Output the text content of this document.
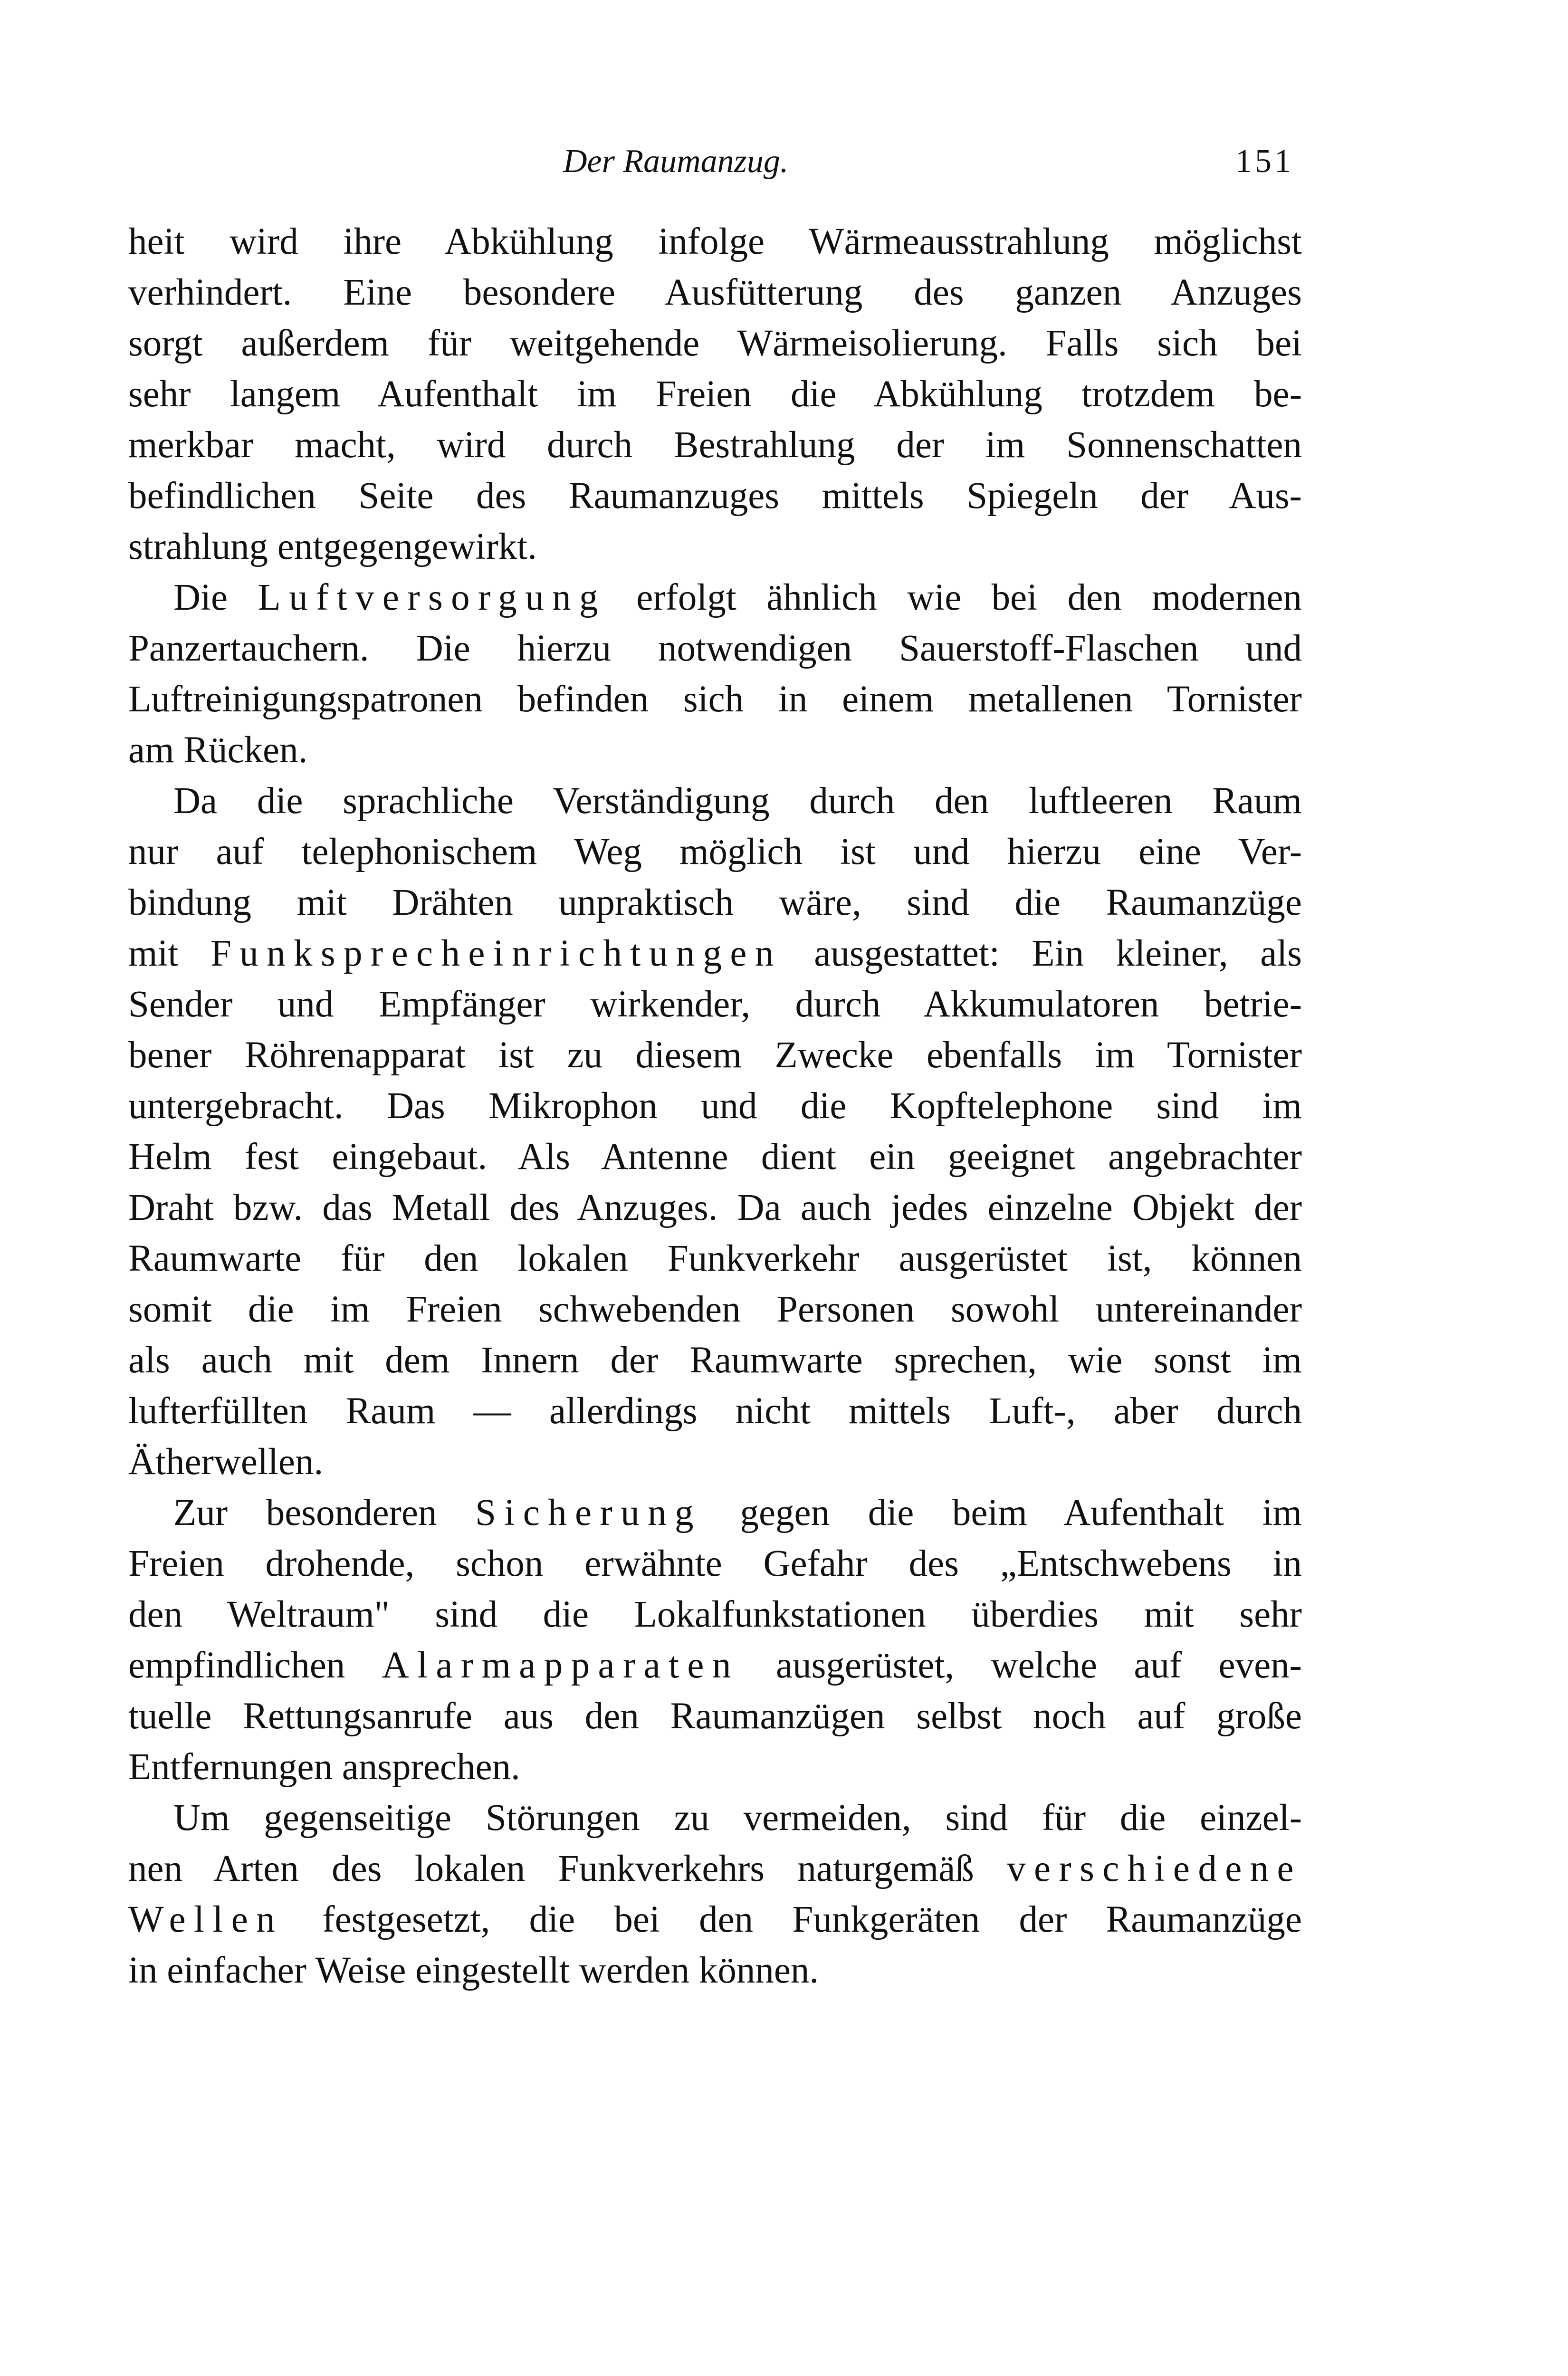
Der Raumanzug.	151
heit wird ihre Abkühlung infolge Wärmeausstrahlung möglichst
verhindert. Eine besondere Ausfütterung des ganzen Anzuges
sorgt außerdem für weitgehende Wärmeisolierung. Falls sich bei
sehr langem Aufenthalt im Freien die Abkühlung trotzdem be-
merkbar macht, wird durch Bestrahlung der im Sonnenschatten
befindlichen Seite des Raumanzuges mittels Spiegeln der Aus-
strahlung entgegengewirkt.
Die Luftversorgung erfolgt ähnlich wie bei den modernen
Panzertauchern. Die hierzu notwendigen Sauerstoff-Flaschen und
Luftreinigungspatronen befinden sich in einem metallenen Tornister
am Rücken.
Da die sprachliche Verständigung durch den luftleeren Raum
nur auf telephonischem Weg möglich ist und hierzu eine Ver-
bindung mit Drähten unpraktisch wäre, sind die Raumanzüge
mit Funksprecheinrichtungen ausgestattet: Ein kleiner, als
Sender und Empfänger wirkender, durch Akkumulatoren betrie-
bener Röhrenapparat ist zu diesem Zwecke ebenfalls im Tornister
untergebracht. Das Mikrophon und die Kopftelephone sind im
Helm fest eingebaut. Als Antenne dient ein geeignet angebrachter
Draht bzw. das Metall des Anzuges. Da auch jedes einzelne Objekt der
Raumwarte für den lokalen Funkverkehr ausgerüstet ist, können
somit die im Freien schwebenden Personen sowohl untereinander
als auch mit dem Innern der Raumwarte sprechen, wie sonst im
lufterfüllten Raum — allerdings nicht mittels Luft-, aber durch
Ätherwellen.
Zur besonderen Sicherung gegen die beim Aufenthalt im
Freien drohende, schon erwähnte Gefahr des „Entschwebens in
den Weltraum" sind die Lokalfunkstationen überdies mit sehr
empfindlichen Alarmapparaten ausgerüstet, welche auf even-
tuelle Rettungsanrufe aus den Raumanzügen selbst noch auf große
Entfernungen ansprechen.
Um gegenseitige Störungen zu vermeiden, sind für die einzel-
nen Arten des lokalen Funkverkehrs naturgemäß verschiedene
Wellen festgesetzt, die bei den Funkgeräten der Raumanzüge
in einfacher Weise eingestellt werden können.
